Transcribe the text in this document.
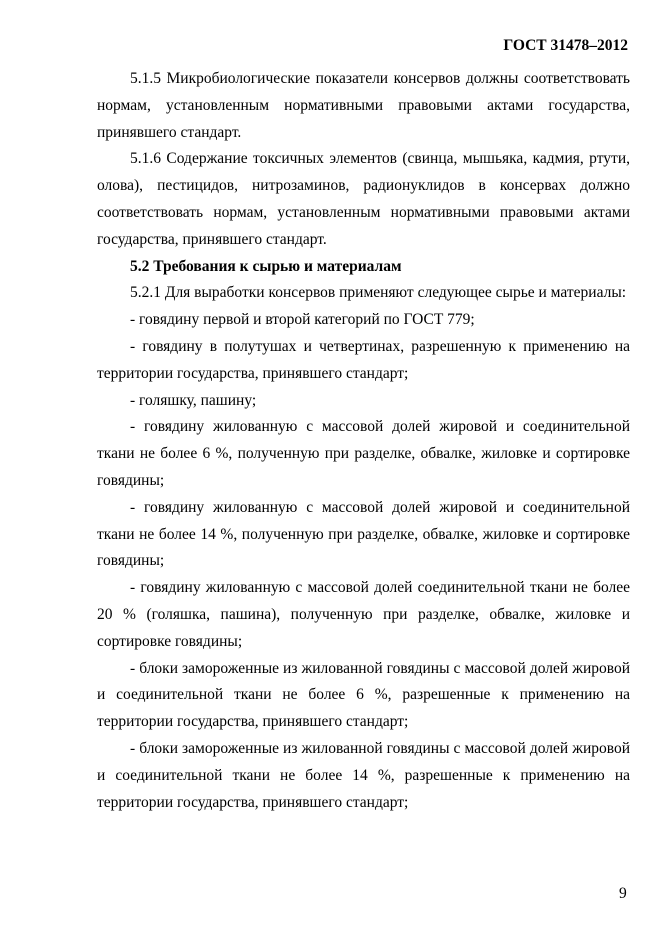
ГОСТ 31478–2012

5.1.5 Микробиологические показатели консервов должны соответствовать нормам, установленным нормативными правовыми актами государства, принявшего стандарт.

5.1.6 Содержание токсичных элементов (свинца, мышьяка, кадмия, ртути, олова), пестицидов, нитрозаминов, радионуклидов в консервах должно соответствовать нормам, установленным нормативными правовыми актами государства, принявшего стандарт.

5.2 Требования к сырью и материалам

5.2.1 Для выработки консервов применяют следующее сырье и материалы:

- говядину первой и второй категорий по ГОСТ 779;

- говядину в полутушах и четвертинах, разрешенную к применению на территории государства, принявшего стандарт;

- голяшку, пашину;

- говядину жилованную с массовой долей жировой и соединительной ткани не более 6 %, полученную при разделке, обвалке, жиловке и сортировке говядины;

- говядину жилованную с массовой долей жировой и соединительной ткани не более 14 %, полученную при разделке, обвалке, жиловке и сортировке говядины;

- говядину жилованную с массовой долей соединительной ткани не более 20 % (голяшка, пашина), полученную при разделке, обвалке, жиловке и сортировке говядины;

- блоки замороженные из жилованной говядины с массовой долей жировой и соединительной ткани не более 6 %, разрешенные к применению на территории государства, принявшего стандарт;

- блоки замороженные из жилованной говядины с массовой долей жировой и соединительной ткани не более 14 %, разрешенные к применению на территории государства, принявшего стандарт;

9
